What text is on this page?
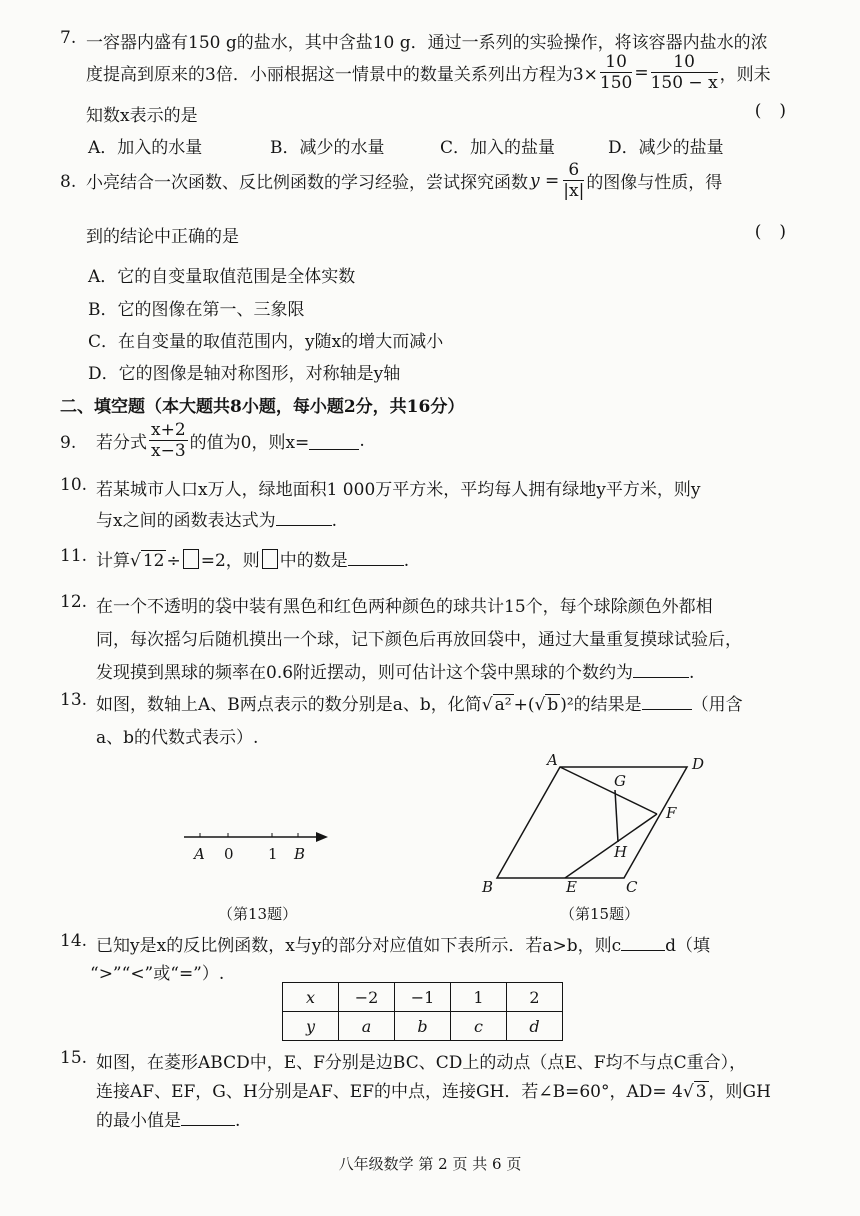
7. 一容器内盛有150 g的盐水，其中含盐10 g．通过一系列的实验操作，将该容器内盐水的浓
度提高到原来的3倍．小丽根据这一情景中的数量关系列出方程为$3\times \frac{10}{150} = \frac{10}{150 - x}$ ，则未
知数x表示的是	()
A．加入的水量	B．减少的水量	C．加入的盐量	D．减少的盐量
8. 小亮结合一次函数、反比例函数的学习经验，尝试探究函数 $y = \frac{6}{|x|}$ 的图像与性质，得
到的结论中正确的是	()
A．它的自变量取值范围是全体实数
B．它的图像在第一、三象限
C．在自变量的取值范围内，y随x的增大而减小
D．它的图像是轴对称图形，对称轴是y轴
二、填空题（本大题共8小题，每小题2分，共16分）
9. 若分式 $\frac{x+2}{x-3}$ 的值为0，则x=	.
10. 若某城市人口x万人，绿地面积1 000万平方米，平均每人拥有绿地y平方米，则y
与x之间的函数表达式为	.
11. 计算√ 12 ÷ =2，则 中的数是	.
12. 在一个不透明的袋中装有黑色和红色两种颜色的球共计15个，每个球除颜色外都相
同，每次摇匀后随机摸出一个球，记下颜色后再放回袋中，通过大量重复摸球试验后，
发现摸到黑球的频率在0.6附近摆动，则可估计这个袋中黑球的个数约为	.
13. 如图，数轴上A、B两点表示的数分别是a、b，化简√ a² +(√ b )²的结果是	（用含
a、b的代数式表示）.
A 0 1 B
（第13题）
A	D
G
F
H
B	E	C
（第15题）
14. 已知y是x的反比例函数，x与y的部分对应值如下表所示．若a>b，则c	d（填
“>”“<”或“=”）.
x	−2	−1	1	2
y	a	b	c	d
15. 如图，在菱形ABCD中，E、F分别是边BC、CD上的动点（点E、F均不与点C重合），
连接AF、EF，G、H分别是AF、EF的中点，连接GH．若∠B=60°，AD= 4√ 3 ，则GH
的最小值是	.
八年级数学 第 2 页 共 6 页
